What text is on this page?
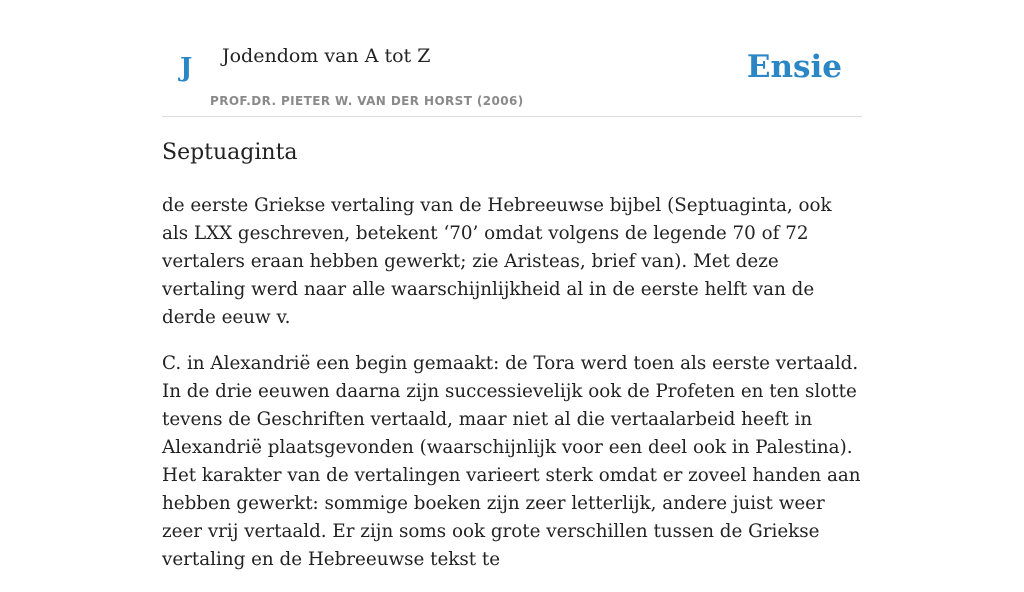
J Jodendom van A tot Z
PROF.DR. PIETER W. VAN DER HORST (2006)
Ensie
Septuaginta

de eerste Griekse vertaling van de Hebreeuwse bijbel (Septuaginta, ook als LXX geschreven, betekent ‘70’ omdat volgens de legende 70 of 72 vertalers eraan hebben gewerkt; zie Aristeas, brief van). Met deze vertaling werd naar alle waarschijnlijkheid al in de eerste helft van de derde eeuw v.

C. in Alexandrië een begin gemaakt: de Tora werd toen als eerste vertaald. In de drie eeuwen daarna zijn successievelijk ook de Profeten en ten slotte tevens de Geschriften vertaald, maar niet al die vertaalarbeid heeft in Alexandrië plaatsgevonden (waarschijnlijk voor een deel ook in Palestina). Het karakter van de vertalingen varieert sterk omdat er zoveel handen aan hebben gewerkt: sommige boeken zijn zeer letterlijk, andere juist weer zeer vrij vertaald. Er zijn soms ook grote verschillen tussen de Griekse vertaling en de Hebreeuwse tekst te
